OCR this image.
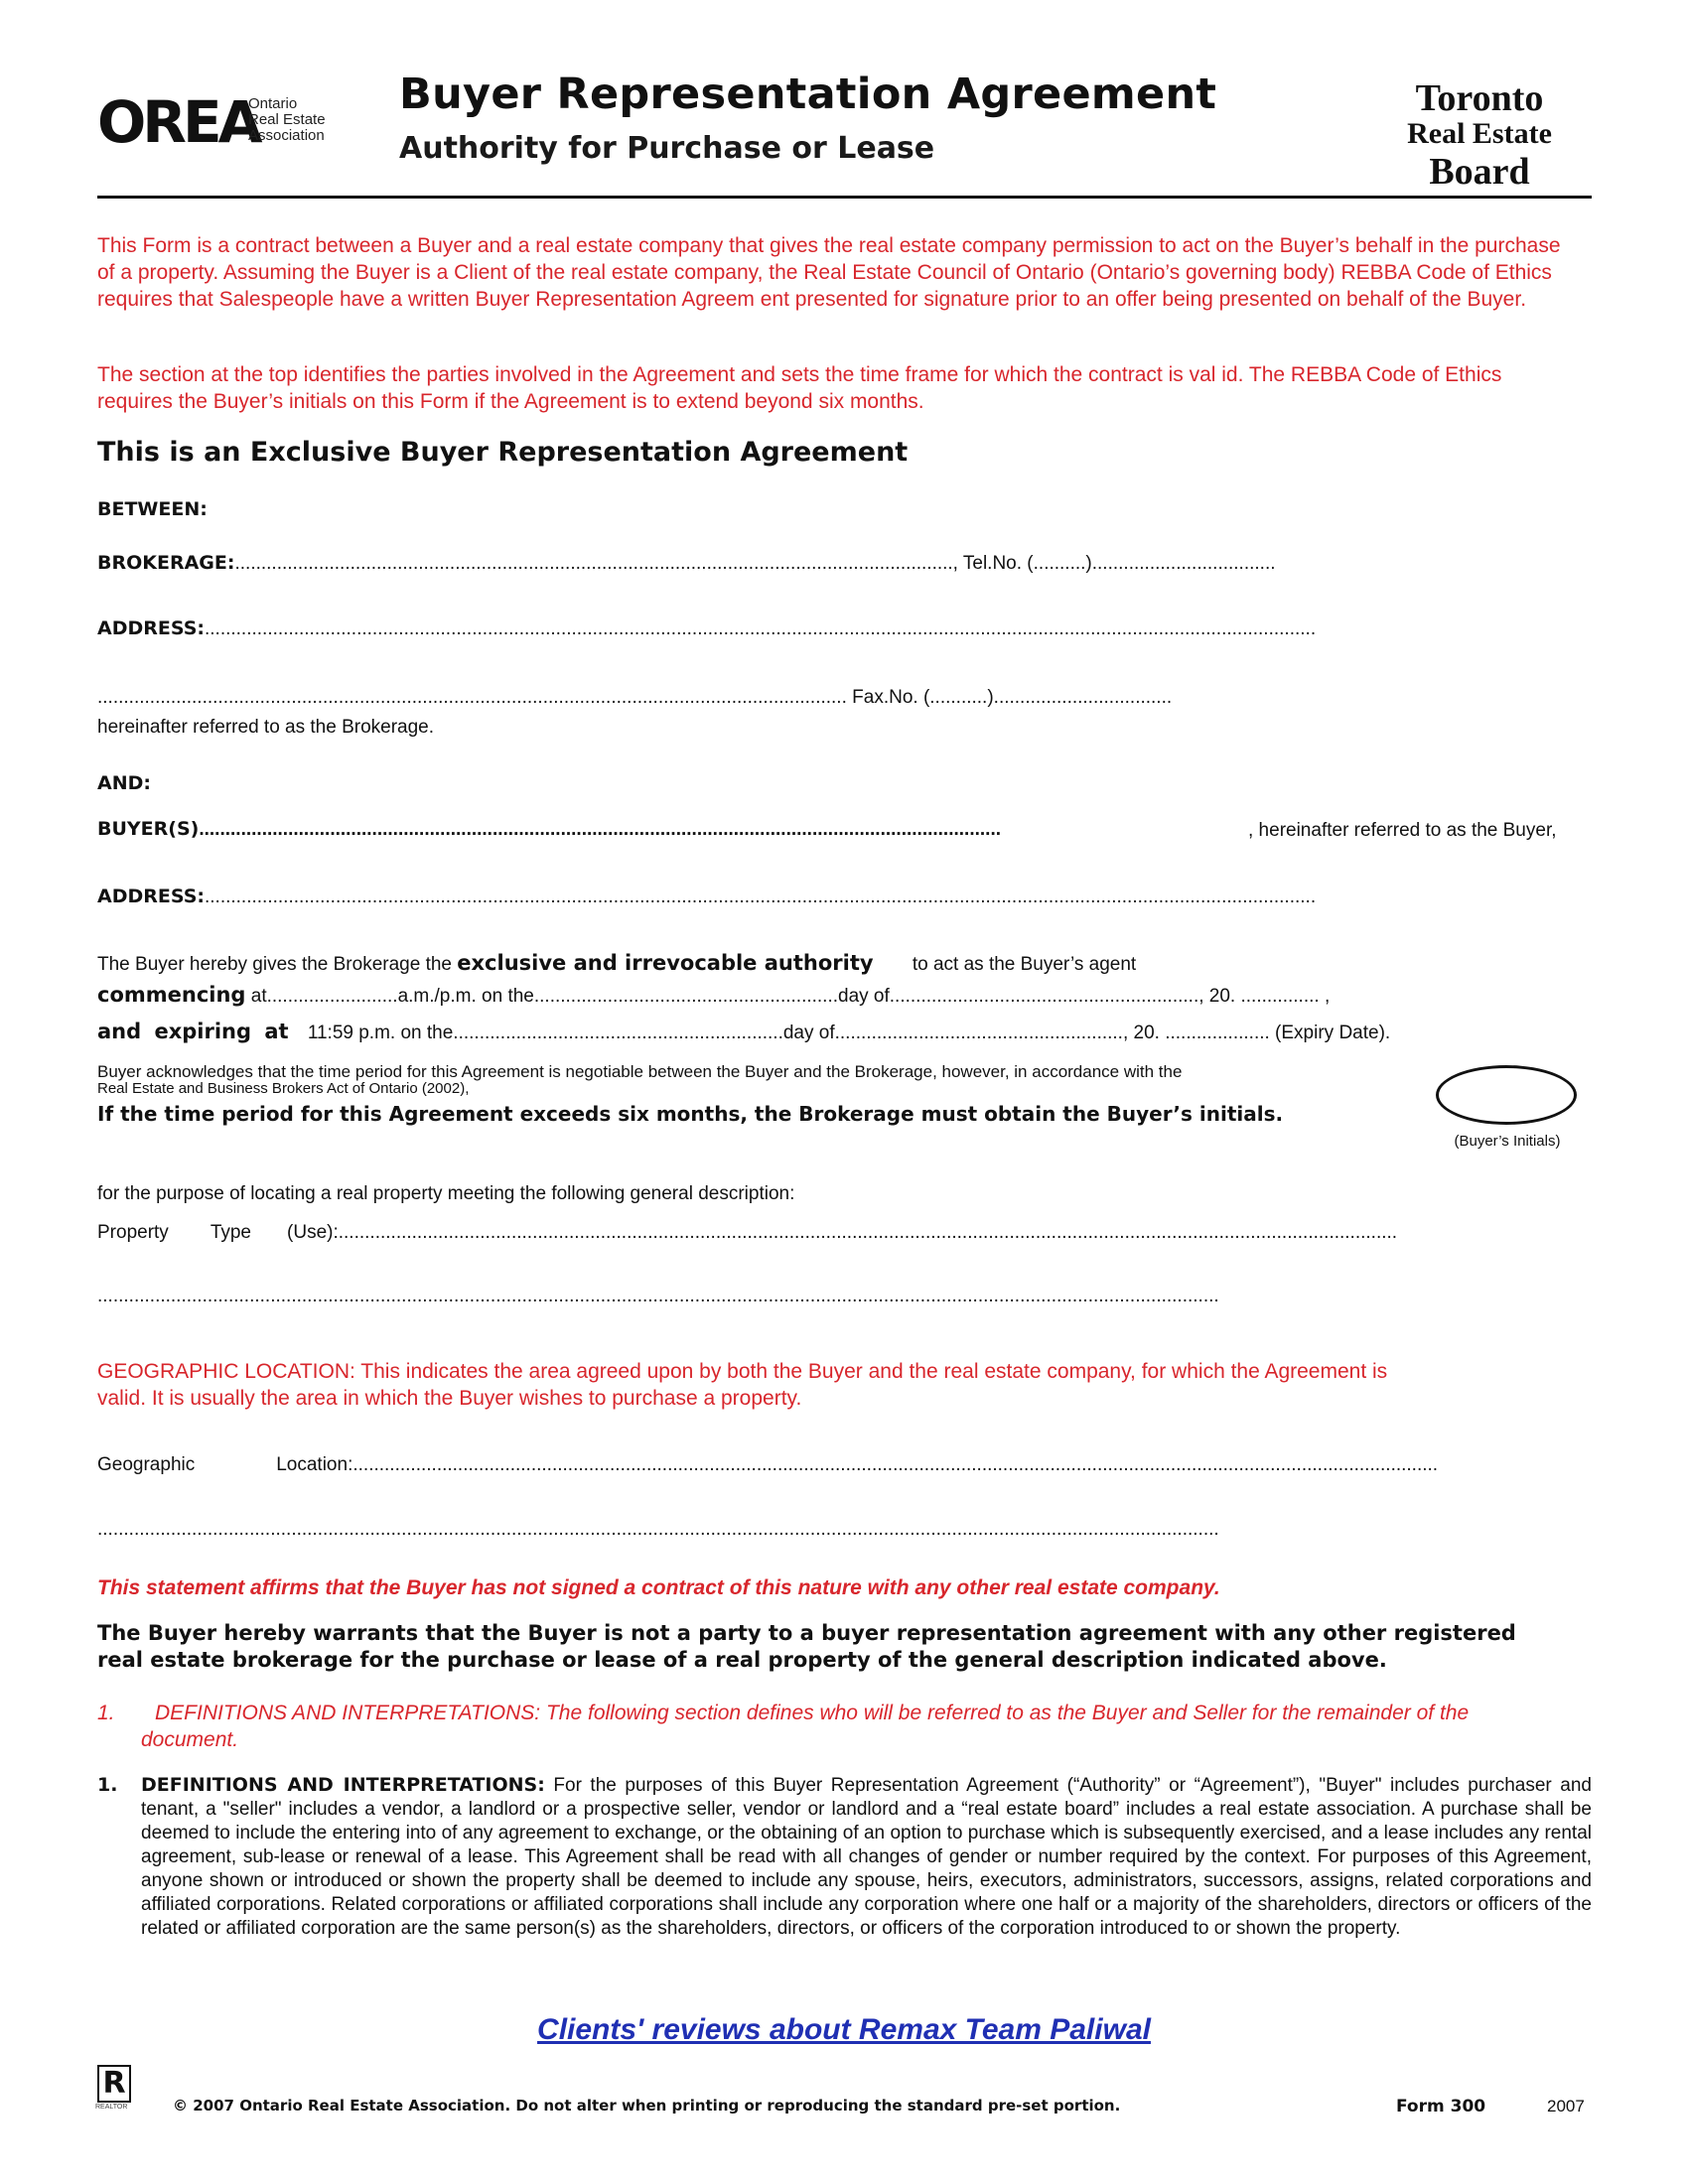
OREA
Ontario
Real Estate
Association
Buyer Representation Agreement
Authority for Purchase or Lease
Toronto
Real Estate
Board
This Form is a contract between a Buyer and a real estate company that gives the real estate company permission to act on the Buyer’s behalf in the purchase of a property. Assuming the Buyer is a Client of the real estate company, the Real Estate Council of Ontario (Ontario’s governing body) REBBA Code of Ethics requires that Salespeople have a written Buyer Representation Agreem ent presented for signature prior to an offer being presented on behalf of the Buyer.
The section at the top identifies the parties involved in the Agreement and sets the time frame for which the contract is val id. The REBBA Code of Ethics requires the Buyer’s initials on this Form if the Agreement is to extend beyond six months.
This is an Exclusive Buyer Representation Agreement
BETWEEN:
BROKERAGE:........................................................................................................................................., Tel.No. (..........)...................................
ADDRESS:....................................................................................................................................................................................................................
............................................................................................................................................... Fax.No. (...........)..................................
hereinafter referred to as the Brokerage.
AND:
BUYER(S).........................................................................................................................................................	, hereinafter referred to as the Buyer,
ADDRESS:....................................................................................................................................................................................................................
The Buyer hereby gives the Brokerage the exclusive and irrevocable authority to act as the Buyer’s agent
commencing at.........................a.m./p.m. on the..........................................................day of..........................................................., 20. ............... ,
and expiring at 11:59 p.m. on the...............................................................day of......................................................., 20. .................... (Expiry Date).
Buyer acknowledges that the time period for this Agreement is negotiable between the Buyer and the Brokerage, however, in accordance with the
Real Estate and Business Brokers Act of Ontario (2002),
If the time period for this Agreement exceeds six months, the Brokerage must obtain the Buyer’s initials.
(Buyer’s Initials)
for the purpose of locating a real property meeting the following general description:
Property Type (Use):..........................................................................................................................................................................................................
......................................................................................................................................................................................................................
GEOGRAPHIC LOCATION: This indicates the area agreed upon by both the Buyer and the real estate company, for which the Agreement is valid. It is usually the area in which the Buyer wishes to purchase a property.
Geographic	Location:...............................................................................................................................................................................................................
......................................................................................................................................................................................................................
This statement affirms that the Buyer has not signed a contract of this nature with any other real estate company.
The Buyer hereby warrants that the Buyer is not a party to a buyer representation agreement with any other registered real estate brokerage for the purchase or lease of a real property of the general description indicated above.
1.	DEFINITIONS AND INTERPRETATIONS: The following section defines who will be referred to as the Buyer and Seller for the remainder of the document.
1. DEFINITIONS AND INTERPRETATIONS: For the purposes of this Buyer Representation Agreement (“Authority” or “Agreement”), "Buyer" includes purchaser and tenant, a "seller" includes a vendor, a landlord or a prospective seller, vendor or landlord and a “real estate board” includes a real estate association. A purchase shall be deemed to include the entering into of any agreement to exchange, or the obtaining of an option to purchase which is subsequently exercised, and a lease includes any rental agreement, sub-lease or renewal of a lease. This Agreement shall be read with all changes of gender or number required by the context. For purposes of this Agreement, anyone shown or introduced or shown the property shall be deemed to include any spouse, heirs, executors, administrators, successors, assigns, related corporations and affiliated corporations. Related corporations or affiliated corporations shall include any corporation where one half or a majority of the shareholders, directors or officers of the related or affiliated corporation are the same person(s) as the shareholders, directors, or officers of the corporation introduced to or shown the property.
Clients' reviews about Remax Team Paliwal
R
REALTOR	© 2007 Ontario Real Estate Association. Do not alter when printing or reproducing the standard pre-set portion.	Form 300	2007
